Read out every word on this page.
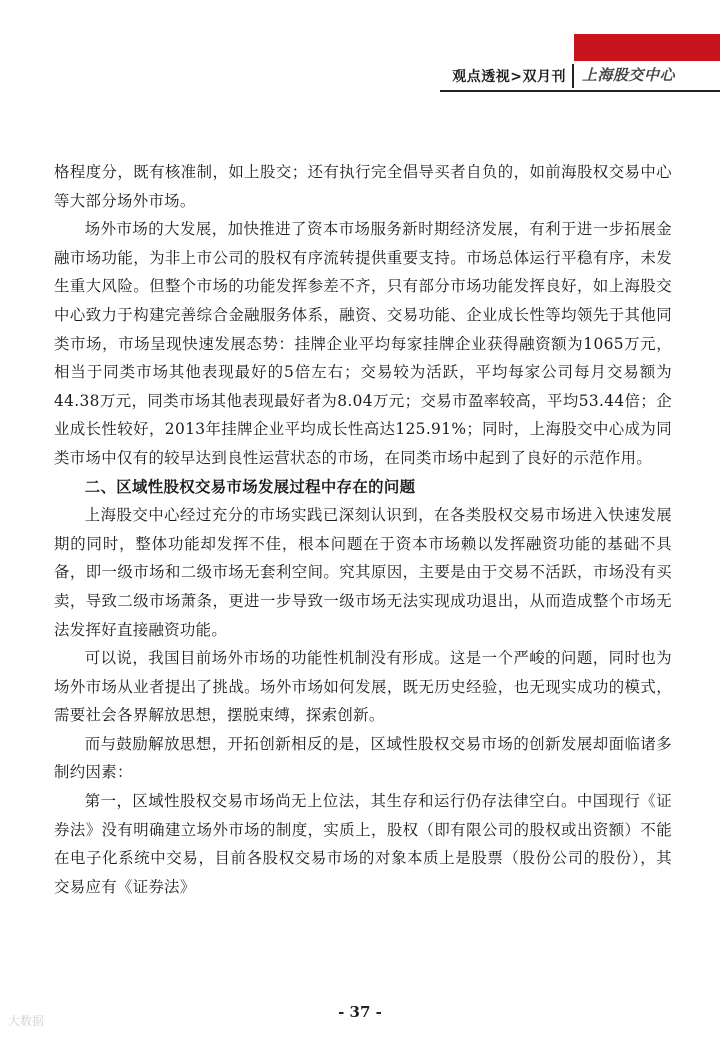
观点透视>双月刊 上海股交中心

格程度分，既有核准制，如上股交；还有执行完全倡导买者自负的，如前海股权交易中心等大部分场外市场。

场外市场的大发展，加快推进了资本市场服务新时期经济发展，有利于进一步拓展金融市场功能，为非上市公司的股权有序流转提供重要支持。市场总体运行平稳有序，未发生重大风险。但整个市场的功能发挥参差不齐，只有部分市场功能发挥良好，如上海股交中心致力于构建完善综合金融服务体系，融资、交易功能、企业成长性等均领先于其他同类市场，市场呈现快速发展态势：挂牌企业平均每家挂牌企业获得融资额为1065万元，相当于同类市场其他表现最好的5倍左右；交易较为活跃，平均每家公司每月交易额为44.38万元，同类市场其他表现最好者为8.04万元；交易市盈率较高，平均53.44倍；企业成长性较好，2013年挂牌企业平均成长性高达125.91%；同时，上海股交中心成为同类市场中仅有的较早达到良性运营状态的市场，在同类市场中起到了良好的示范作用。

二、区域性股权交易市场发展过程中存在的问题

上海股交中心经过充分的市场实践已深刻认识到，在各类股权交易市场进入快速发展期的同时，整体功能却发挥不佳，根本问题在于资本市场赖以发挥融资功能的基础不具备，即一级市场和二级市场无套利空间。究其原因，主要是由于交易不活跃，市场没有买卖，导致二级市场萧条，更进一步导致一级市场无法实现成功退出，从而造成整个市场无法发挥好直接融资功能。

可以说，我国目前场外市场的功能性机制没有形成。这是一个严峻的问题，同时也为场外市场从业者提出了挑战。场外市场如何发展，既无历史经验，也无现实成功的模式，需要社会各界解放思想，摆脱束缚，探索创新。

而与鼓励解放思想，开拓创新相反的是，区域性股权交易市场的创新发展却面临诸多制约因素：

第一，区域性股权交易市场尚无上位法，其生存和运行仍存法律空白。中国现行《证券法》没有明确建立场外市场的制度，实质上，股权（即有限公司的股权或出资额）不能在电子化系统中交易，目前各股权交易市场的对象本质上是股票（股份公司的股份），其交易应有《证券法》

- 37 -
大数据
